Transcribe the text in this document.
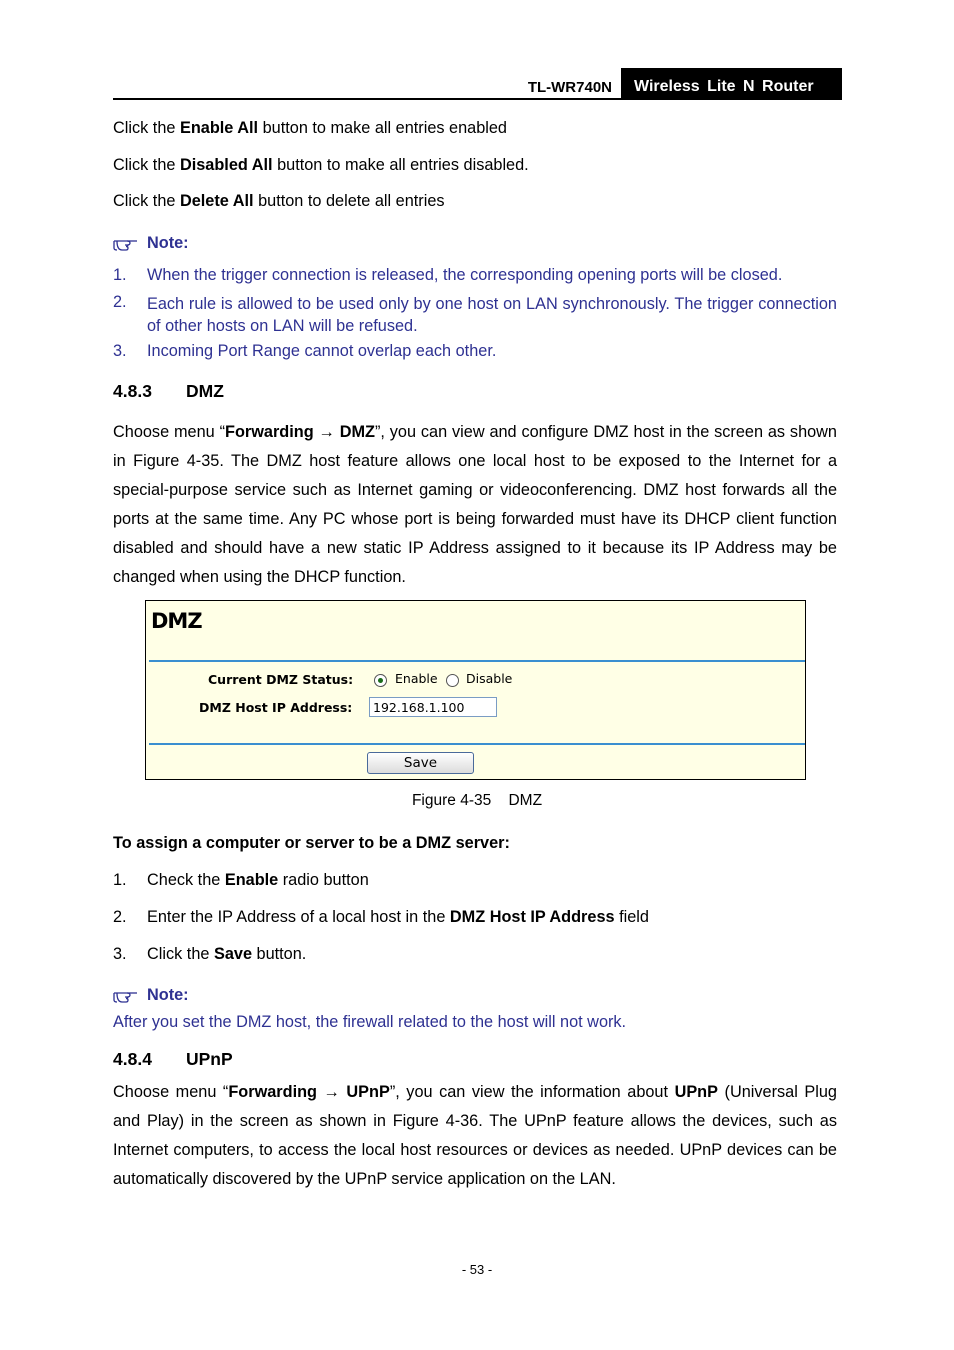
TL-WR740N	Wireless Lite N Router
Click the Enable All button to make all entries enabled
Click the Disabled All button to make all entries disabled.
Click the Delete All button to delete all entries
Note:
1. When the trigger connection is released, the corresponding opening ports will be closed.
2. Each rule is allowed to be used only by one host on LAN synchronously. The trigger connection of other hosts on LAN will be refused.
3. Incoming Port Range cannot overlap each other.
4.8.3 DMZ
Choose menu “Forwarding → DMZ”, you can view and configure DMZ host in the screen as shown in Figure 4-35. The DMZ host feature allows one local host to be exposed to the Internet for a special-purpose service such as Internet gaming or videoconferencing. DMZ host forwards all the ports at the same time. Any PC whose port is being forwarded must have its DHCP client function disabled and should have a new static IP Address assigned to it because its IP Address may be changed when using the DHCP function.
DMZ
Current DMZ Status:	Enable Disable
DMZ Host IP Address:
192.168.1.100
Save
Figure 4-35    DMZ
To assign a computer or server to be a DMZ server:
1. Check the Enable radio button
2. Enter the IP Address of a local host in the DMZ Host IP Address field
3. Click the Save button.
Note:
After you set the DMZ host, the firewall related to the host will not work.
4.8.4 UPnP
Choose menu “Forwarding → UPnP”, you can view the information about UPnP (Universal Plug and Play) in the screen as shown in Figure 4-36. The UPnP feature allows the devices, such as Internet computers, to access the local host resources or devices as needed. UPnP devices can be automatically discovered by the UPnP service application on the LAN.
- 53 -
